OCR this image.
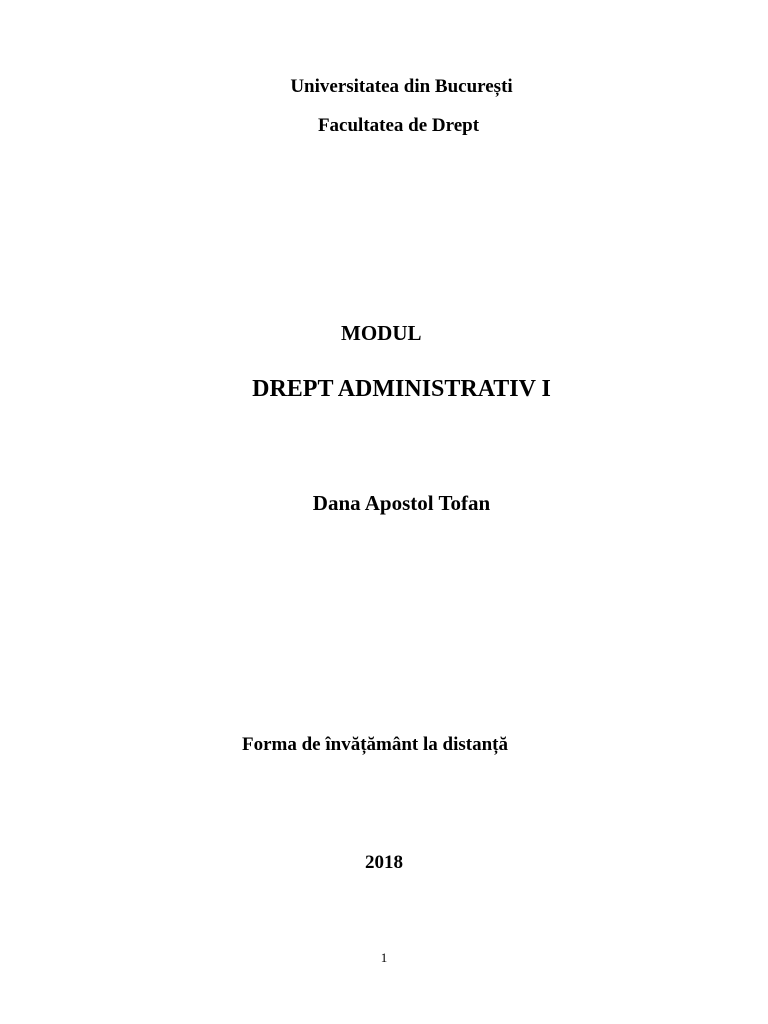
Universitatea din București
Facultatea de Drept
MODUL
DREPT ADMINISTRATIV I
Dana Apostol Tofan
Forma de învățământ la distanță
2018
1
